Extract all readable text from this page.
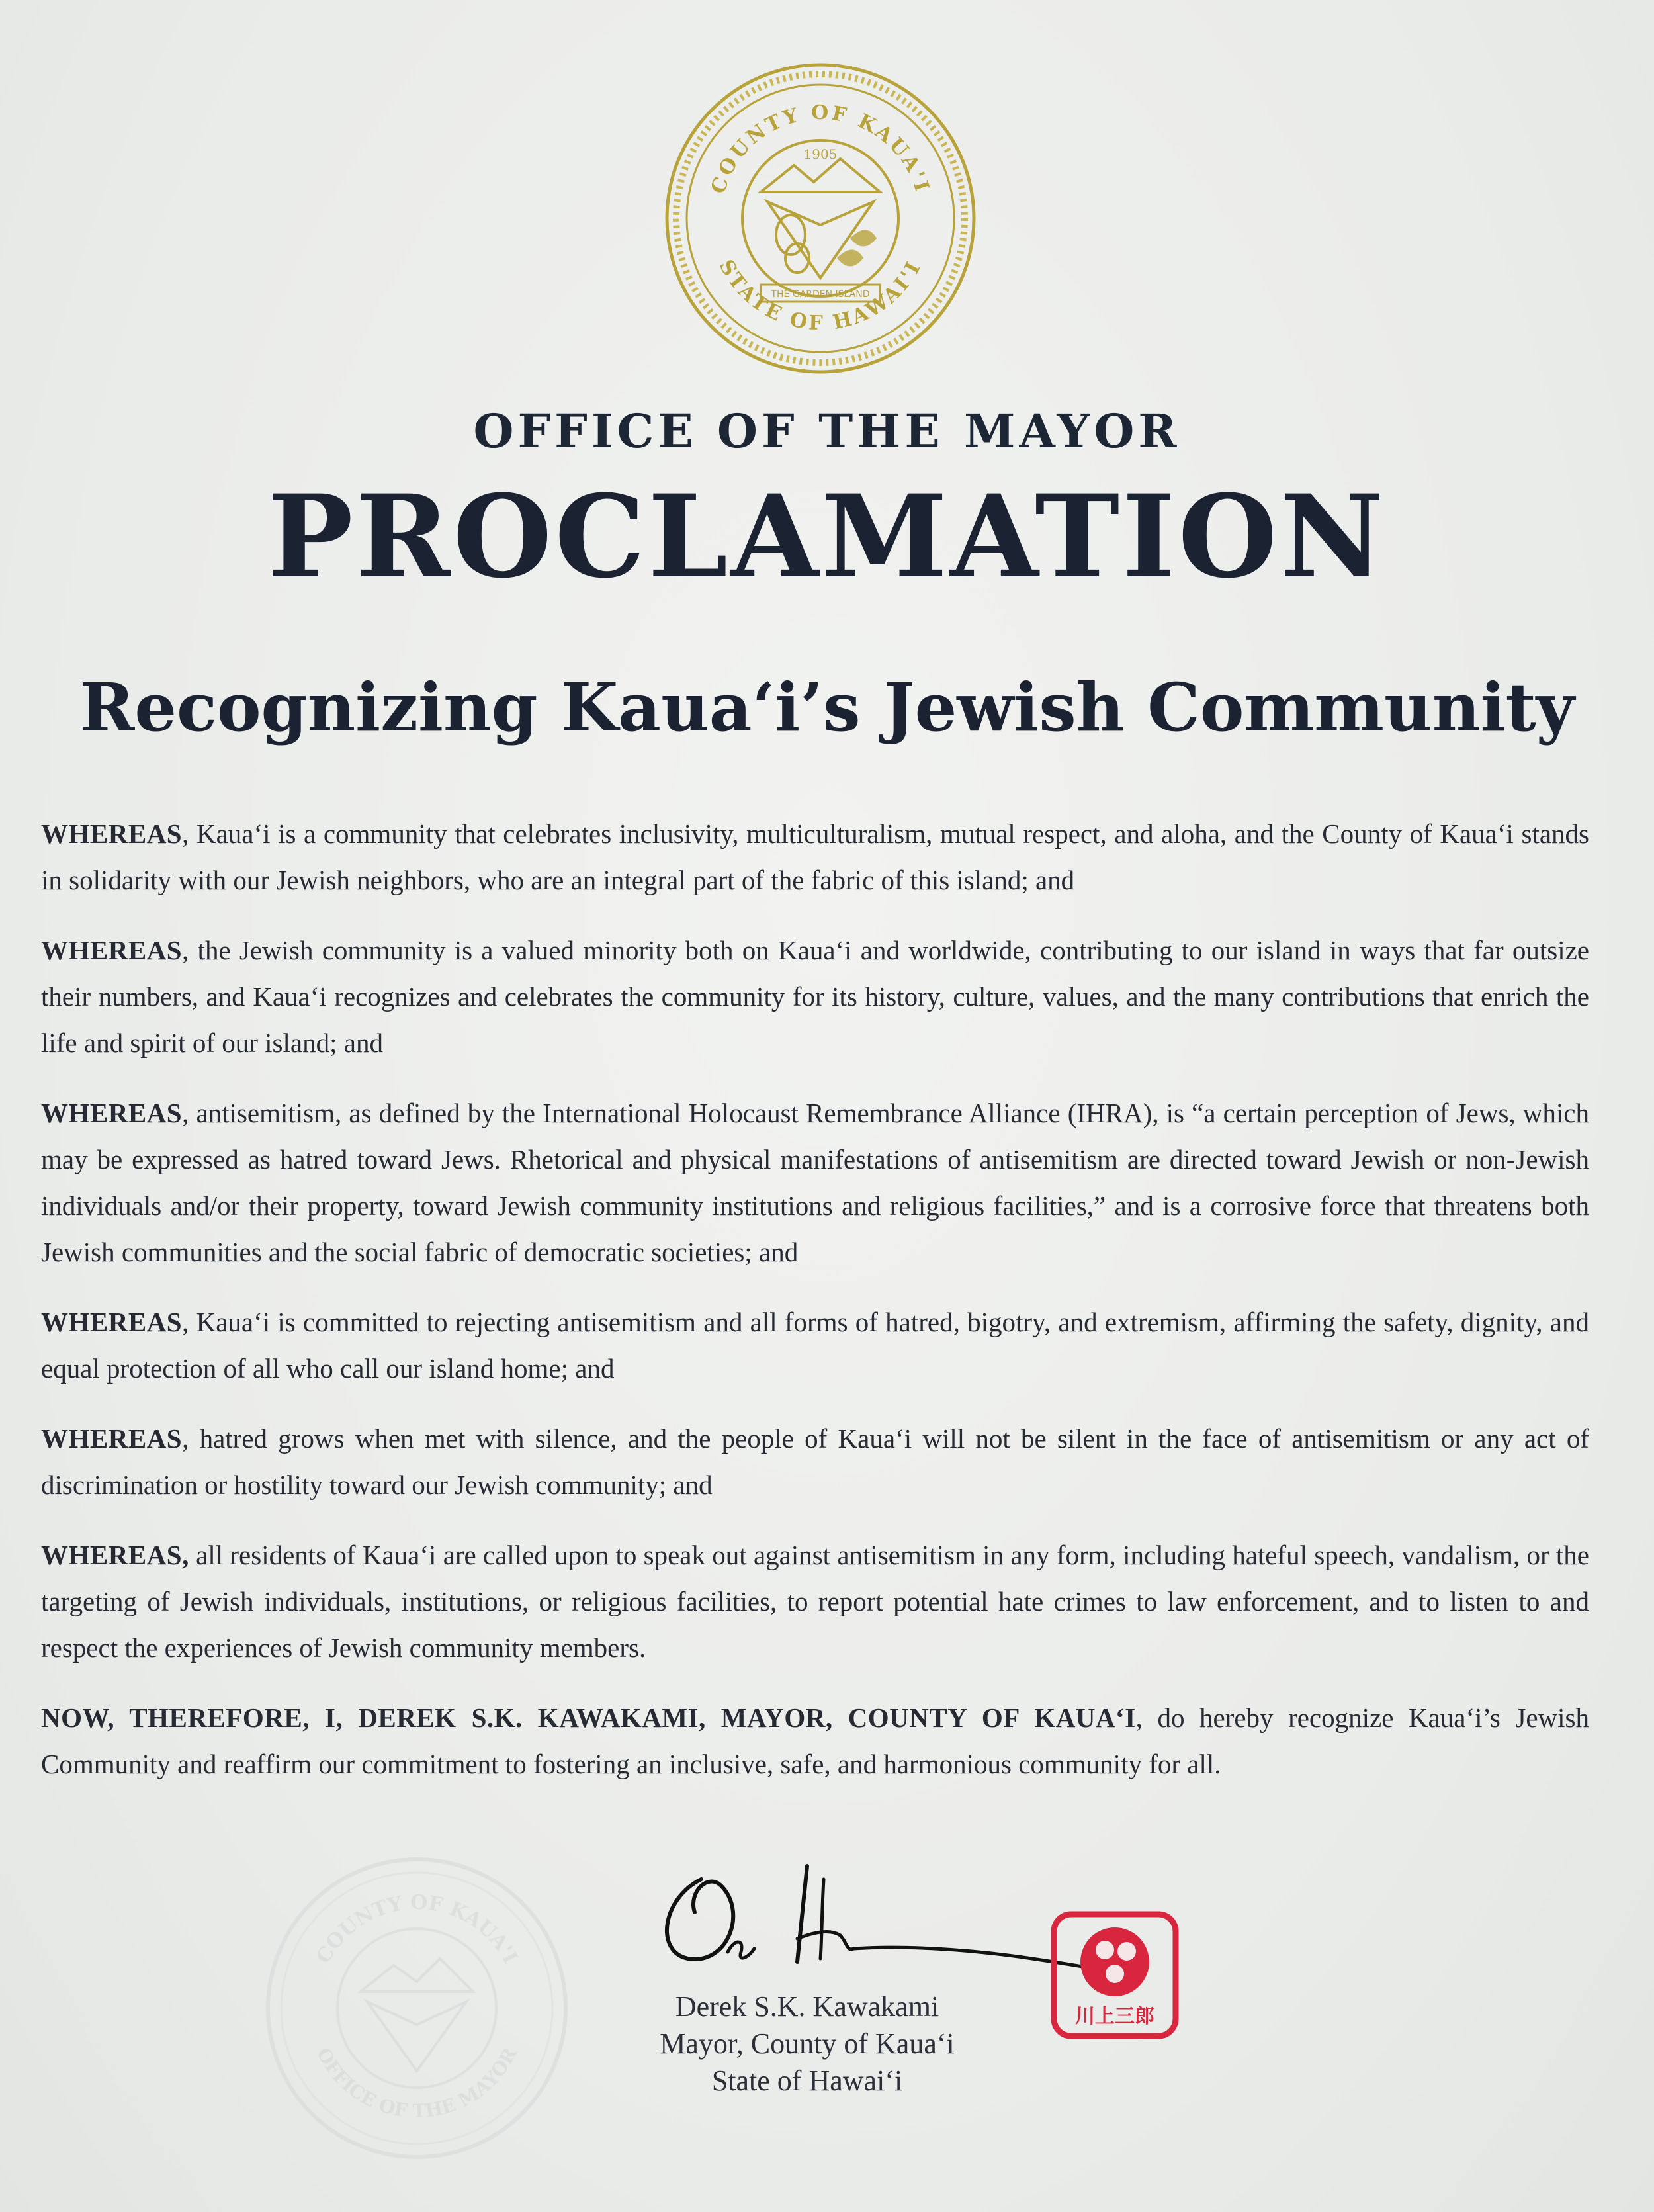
COUNTY OF KAUA'I
STATE OF HAWAI'I
1905
THE GARDEN ISLAND
OFFICE OF THE MAYOR
PROCLAMATION
Recognizing Kauaʻi’s Jewish Community

WHEREAS, Kauaʻi is a community that celebrates inclusivity, multiculturalism, mutual respect, and aloha, and the County of Kauaʻi stands in solidarity with our Jewish neighbors, who are an integral part of the fabric of this island; and

WHEREAS, the Jewish community is a valued minority both on Kauaʻi and worldwide, contributing to our island in ways that far outsize their numbers, and Kauaʻi recognizes and celebrates the community for its history, culture, values, and the many contributions that enrich the life and spirit of our island; and

WHEREAS, antisemitism, as defined by the International Holocaust Remembrance Alliance (IHRA), is “a certain perception of Jews, which may be expressed as hatred toward Jews. Rhetorical and physical manifestations of antisemitism are directed toward Jewish or non-Jewish individuals and/or their property, toward Jewish community institutions and religious facilities,” and is a corrosive force that threatens both Jewish communities and the social fabric of democratic societies; and

WHEREAS, Kauaʻi is committed to rejecting antisemitism and all forms of hatred, bigotry, and extremism, affirming the safety, dignity, and equal protection of all who call our island home; and

WHEREAS, hatred grows when met with silence, and the people of Kauaʻi will not be silent in the face of antisemitism or any act of discrimination or hostility toward our Jewish community; and

WHEREAS, all residents of Kauaʻi are called upon to speak out against antisemitism in any form, including hateful speech, vandalism, or the targeting of Jewish individuals, institutions, or religious facilities, to report potential hate crimes to law enforcement, and to listen to and respect the experiences of Jewish community members.

NOW, THEREFORE, I, DEREK S.K. KAWAKAMI, MAYOR, COUNTY OF KAUAʻI, do hereby recognize Kauaʻi’s Jewish Community and reaffirm our commitment to fostering an inclusive, safe, and harmonious community for all.

COUNTY OF KAUA'I
OFFICE OF THE MAYOR
Derek S.K. Kawakami
Mayor, County of Kauaʻi
State of Hawaiʻi
川上三郎
